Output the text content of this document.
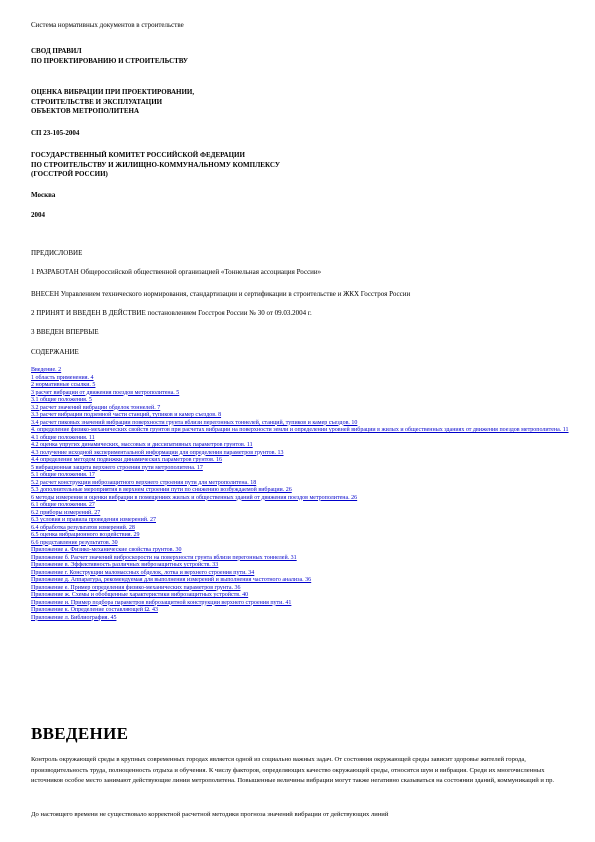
Система нормативных документов в строительстве
СВОД ПРАВИЛ
ПО ПРОЕКТИРОВАНИЮ И СТРОИТЕЛЬСТВУ
ОЦЕНКА ВИБРАЦИИ ПРИ ПРОЕКТИРОВАНИИ,
СТРОИТЕЛЬСТВЕ И ЭКСПЛУАТАЦИИ
ОБЪЕКТОВ МЕТРОПОЛИТЕНА
СП 23-105-2004
ГОСУДАРСТВЕННЫЙ КОМИТЕТ РОССИЙСКОЙ ФЕДЕРАЦИИ
ПО СТРОИТЕЛЬСТВУ И ЖИЛИЩНО-КОММУНАЛЬНОМУ КОМПЛЕКСУ
(ГОССТРОЙ РОССИИ)
Москва
2004
ПРЕДИСЛОВИЕ
1 РАЗРАБОТАН Общероссийской общественной организацией «Тоннельная ассоциация России»
ВНЕСЕН Управлением технического нормирования, стандартизации и сертификации в строительстве и ЖКХ Госстроя России
2 ПРИНЯТ И ВВЕДЕН В ДЕЙСТВИЕ постановлением Госстроя России № 30 от 09.03.2004 г.
3 ВВЕДЕН ВПЕРВЫЕ
СОДЕРЖАНИЕ
Введение. 2
1 область применения. 4
2 нормативные ссылки. 5
3 расчет вибрации от движения поездов метрополитена. 5
3.1 общие положения. 5
3.2 расчет значений вибрации обделок тоннелей. 7
3.3 расчет вибрации подземной части станций, тупиков и камер съездов. 8
3.4 расчет пиковых значений вибрации поверхности грунта вблизи перегонных тоннелей, станций, тупиков и камер съездов. 10
4. определение физико-механических свойств грунтов при расчетах вибрации на поверхности земли и определении уровней вибрации в жилых и общественных зданиях от движения поездов метрополитена. 11
4.1 общие положения. 11
4.2 оценка упругих динамических, массовых и диссипативных параметров грунтов. 11
4.3 получение исходной экспериментальной информации для определения параметров грунтов. 13
4.4 определение методом подвижки динамических параметров грунтов. 16
5 вибрационная защита верхнего строения пути метрополитена. 17
5.1 общие положения. 17
5.2 расчет конструкции виброзащитного верхнего строения пути для метрополитена. 18
5.3 дополнительные мероприятия в верхнем строении пути по снижению возбуждаемой вибрации. 26
6 методы измерения и оценки вибрации в помещениях жилых и общественных зданий от движения поездов метрополитена. 26
6.1 общие положения. 27
6.2 приборы измерений. 27
6.3 условия и правила проведения измерений. 27
6.4 обработка результатов измерений. 28
6.5 оценка вибрационного воздействия. 29
6.6 представление результатов. 30
Приложение а. Физико-механические свойства грунтов. 30
Приложение б. Расчет значений виброскорости на поверхности грунта вблизи перегонных тоннелей. 31
Приложение в. Эффективность различных виброзащитных устройств. 33
Приложение г. Конструкции маломассных обделок, лотка и верхнего строения пути. 34
Приложение д. Аппаратура, рекомендуемая для выполнения измерений и выполнения частотного анализа. 36
Приложение е. Пример определения физико-механических параметров грунта. 36
Приложение ж. Схемы и обобщенные характеристики виброзащитных устройств. 40
Приложение и. Пример подбора параметров виброзащитной конструкции верхнего строения пути. 41
Приложение к. Определение составляющей Ω. 43
Приложение л. Библиография. 45
ВВЕДЕНИЕ
Контроль окружающей среды в крупных современных городах является одной из социально важных задач. От состояния окружающей среды зависит здоровье жителей города, производительность труда, полноценность отдыха и обучения. К числу факторов, определяющих качество окружающей среды, относятся шум и вибрация. Среди их многочисленных источников особое место занимают действующие линии метрополитена. Повышенные величины вибрации могут также негативно сказываться на состоянии зданий, коммуникаций и пр.
До настоящего времени не существовало корректной расчетной методики прогноза значений вибрации от действующих линий
